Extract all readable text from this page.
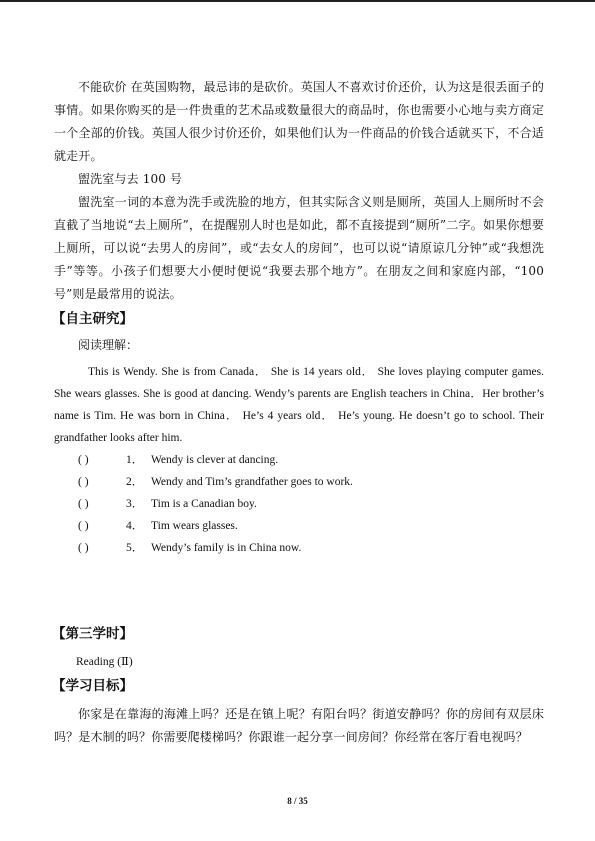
不能砍价 在英国购物，最忌讳的是砍价。英国人不喜欢讨价还价，认为这是很丢面子的事情。如果你购买的是一件贵重的艺术品或数量很大的商品时，你也需要小心地与卖方商定一个全部的价钱。英国人很少讨价还价，如果他们认为一件商品的价钱合适就买下，不合适就走开。

盥洗室与去 100 号 

盥洗室一词的本意为洗手或洗脸的地方，但其实际含义则是厕所，英国人上厕所时不会直截了当地说“去上厕所”，在提醒别人时也是如此，都不直接提到“厕所”二字。如果你想要上厕所，可以说“去男人的房间”，或“去女人的房间”，也可以说“请原谅几分钟”或“我想洗手”等等。小孩子们想要大小便时便说“我要去那个地方”。在朋友之间和家庭内部，“100 号”则是最常用的说法。

【自主研究】

阅读理解：

This is Wendy. She is from Canada． She is 14 years old． She loves playing computer games. She wears glasses. She is good at dancing. Wendy’s parents are English teachers in China．Her brother’s name is Tim. He was born in China． He’s 4 years old． He’s young. He doesn’t go to school. Their grandfather looks after him.

( )	1． Wendy is clever at dancing.
( )	2． Wendy and Tim’s grandfather goes to work.
( )	3． Tim is a Canadian boy.
( )	4． Tim wears glasses.
( )	5． Wendy’s family is in China now.

【第三学时】

Reading (Ⅱ)

【学习目标】

你家是在靠海的海滩上吗？还是在镇上呢？有阳台吗？街道安静吗？你的房间有双层床吗？是木制的吗？你需要爬楼梯吗？你跟谁一起分享一间房间？你经常在客厅看电视吗？

8 / 35
